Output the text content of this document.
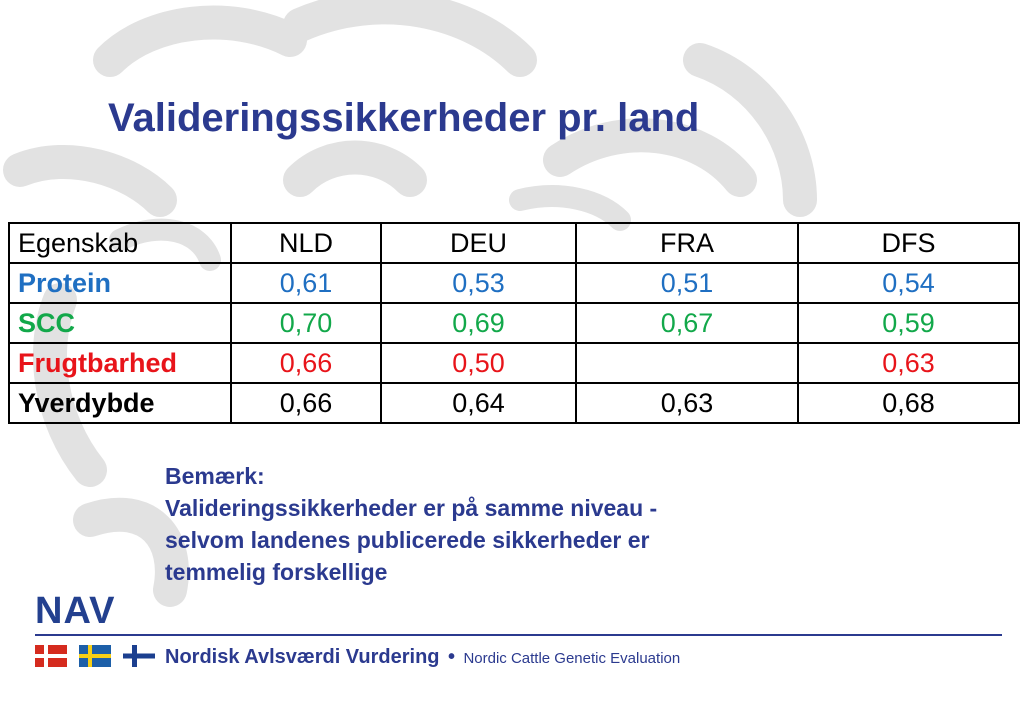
Valideringssikkerheder pr. land
Egenskab	NLD	DEU	FRA	DFS
Protein	0,61	0,53	0,51	0,54
SCC	0,70	0,69	0,67	0,59
Frugtbarhed	0,66	0,50		0,63
Yverdybde	0,66	0,64	0,63	0,68
Bemærk:
Valideringssikkerheder er på samme niveau -
selvom landenes publicerede sikkerheder er
temmelig forskellige
NAV
Nordisk Avlsværdi Vurdering • Nordic Cattle Genetic Evaluation
